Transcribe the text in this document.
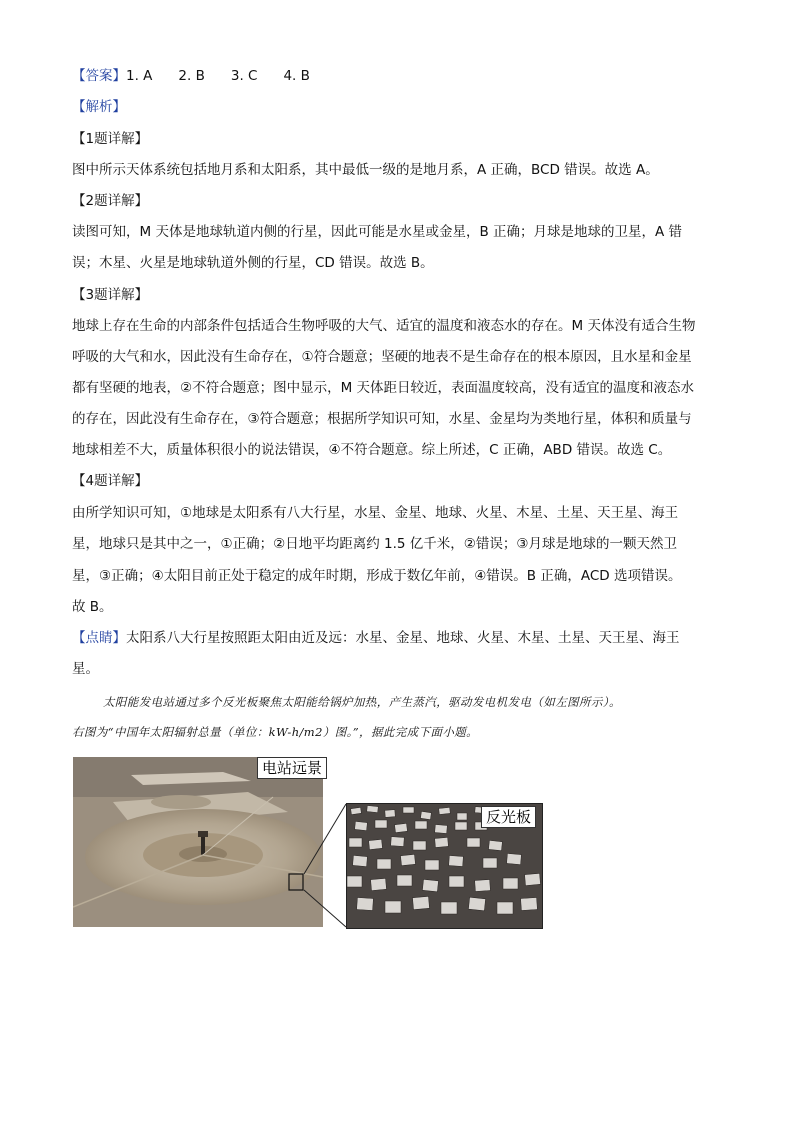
【答案】1. A 2. B 3. C 4. B
【解析】
【1题详解】
图中所示天体系统包括地月系和太阳系，其中最低一级的是地月系，A 正确，BCD 错误。故选 A。
【2题详解】
读图可知，M 天体是地球轨道内侧的行星，因此可能是水星或金星，B 正确；月球是地球的卫星，A 错
误；木星、火星是地球轨道外侧的行星，CD 错误。故选 B。
【3题详解】
地球上存在生命的内部条件包括适合生物呼吸的大气、适宜的温度和液态水的存在。M 天体没有适合生物
呼吸的大气和水，因此没有生命存在，①符合题意；坚硬的地表不是生命存在的根本原因，且水星和金星
都有坚硬的地表，②不符合题意；图中显示，M 天体距日较近，表面温度较高，没有适宜的温度和液态水
的存在，因此没有生命存在，③符合题意；根据所学知识可知，水星、金星均为类地行星，体积和质量与
地球相差不大，质量体积很小的说法错误，④不符合题意。综上所述，C 正确，ABD 错误。故选 C。
【4题详解】
由所学知识可知，①地球是太阳系有八大行星，水星、金星、地球、火星、木星、土星、天王星、海王
星，地球只是其中之一，①正确；②日地平均距离约 1.5 亿千米，②错误；③月球是地球的一颗天然卫
星，③正确；④太阳目前正处于稳定的成年时期，形成于数亿年前，④错误。B 正确，ACD 选项错误。
故 B。
【点睛】太阳系八大行星按照距太阳由近及远：水星、金星、地球、火星、木星、土星、天王星、海王
星。
太阳能发电站通过多个反光板聚焦太阳能给锅炉加热，产生蒸汽，驱动发电机发电（如左图所示）。
右图为“中国年太阳辐射总量（单位：kW-h/m2）图。”，据此完成下面小题。
电站远景
反光板
